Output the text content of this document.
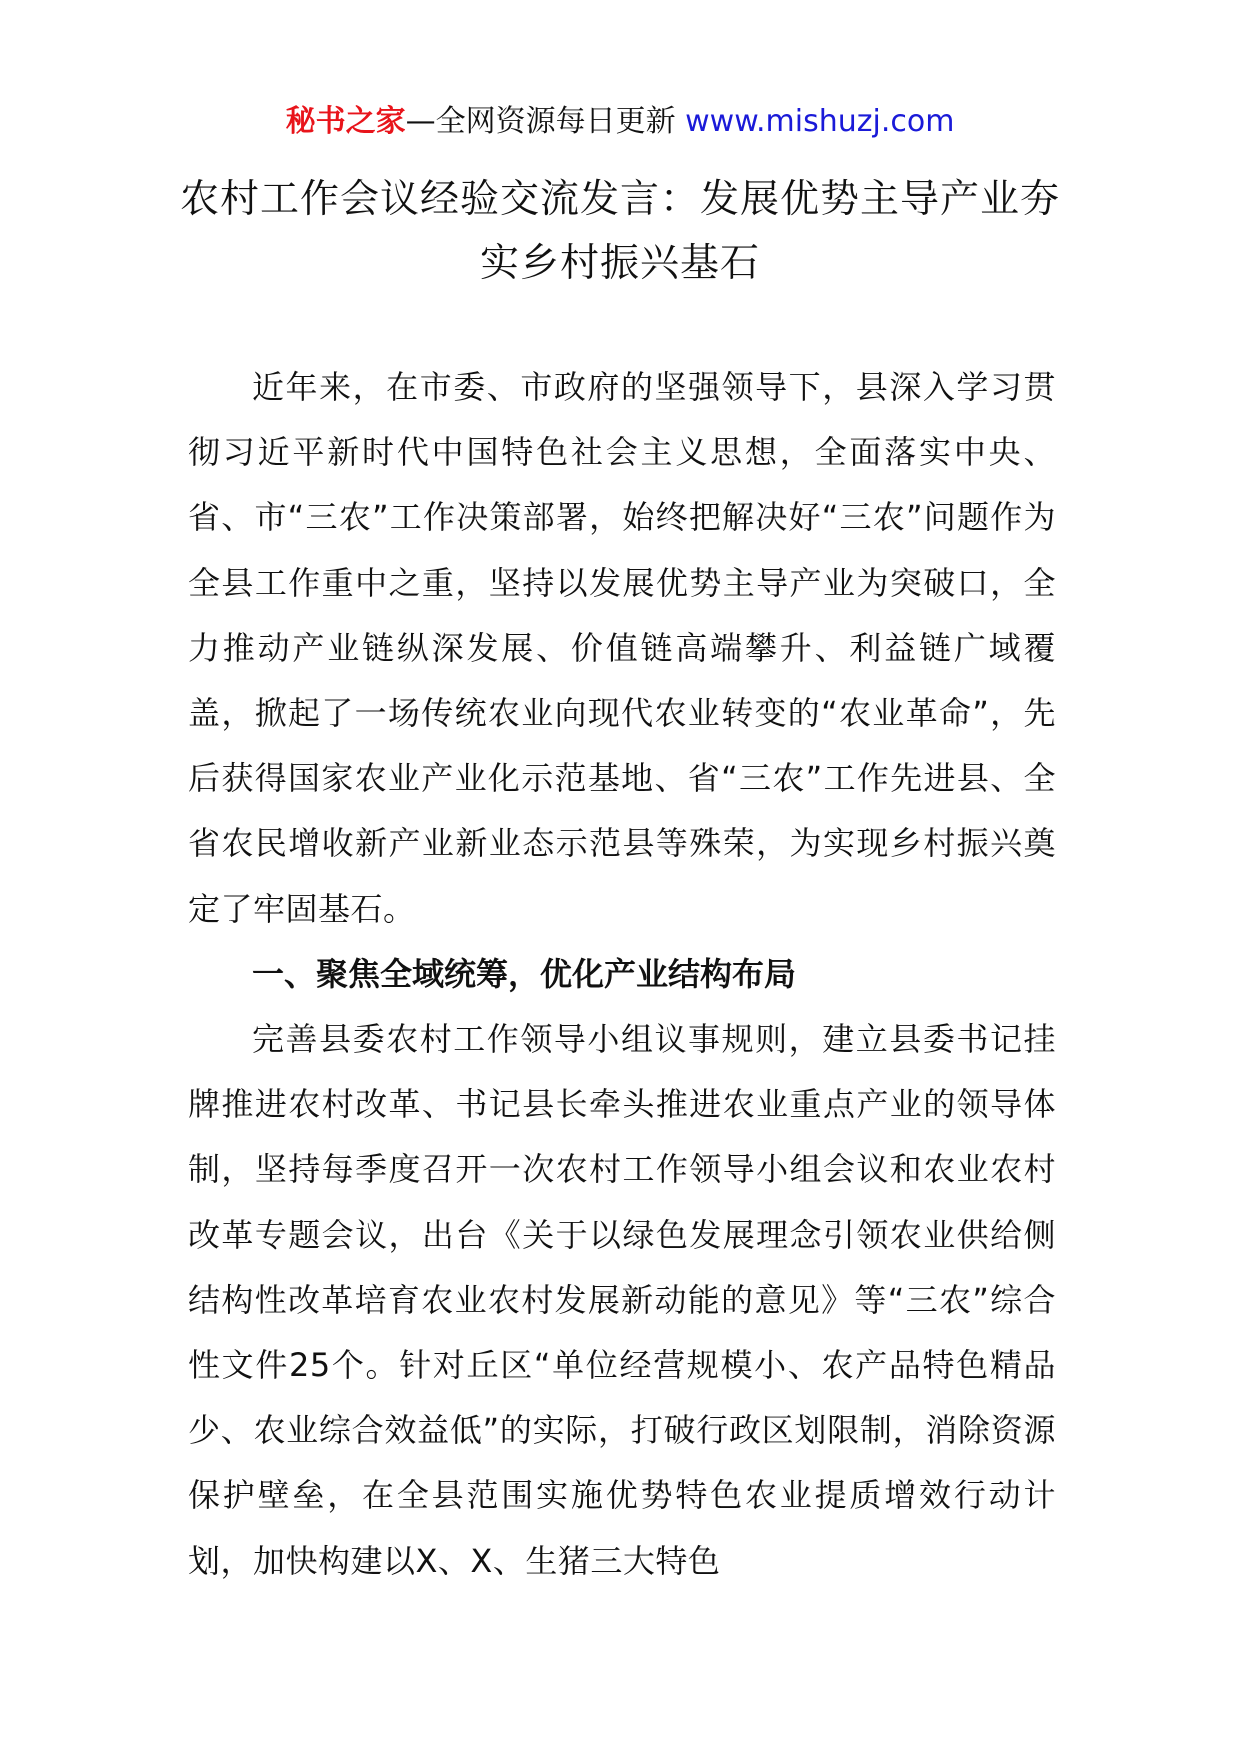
秘书之家—全网资源每日更新 www.mishuzj.com
农村工作会议经验交流发言：发展优势主导产业夯实乡村振兴基石

近年来，在市委、市政府的坚强领导下，县深入学习贯彻习近平新时代中国特色社会主义思想，全面落实中央、省、市“三农”工作决策部署，始终把解决好“三农”问题作为全县工作重中之重，坚持以发展优势主导产业为突破口，全力推动产业链纵深发展、价值链高端攀升、利益链广域覆盖，掀起了一场传统农业向现代农业转变的“农业革命”，先后获得国家农业产业化示范基地、省“三农”工作先进县、全省农民增收新产业新业态示范县等殊荣，为实现乡村振兴奠定了牢固基石。

一、聚焦全域统筹，优化产业结构布局

完善县委农村工作领导小组议事规则，建立县委书记挂牌推进农村改革、书记县长牵头推进农业重点产业的领导体制，坚持每季度召开一次农村工作领导小组会议和农业农村改革专题会议，出台《关于以绿色发展理念引领农业供给侧结构性改革培育农业农村发展新动能的意见》等“三农”综合性文件25个。针对丘区“单位经营规模小、农产品特色精品少、农业综合效益低”的实际，打破行政区划限制，消除资源保护壁垒，在全县范围实施优势特色农业提质增效行动计划，加快构建以X、X、生猪三大特色
